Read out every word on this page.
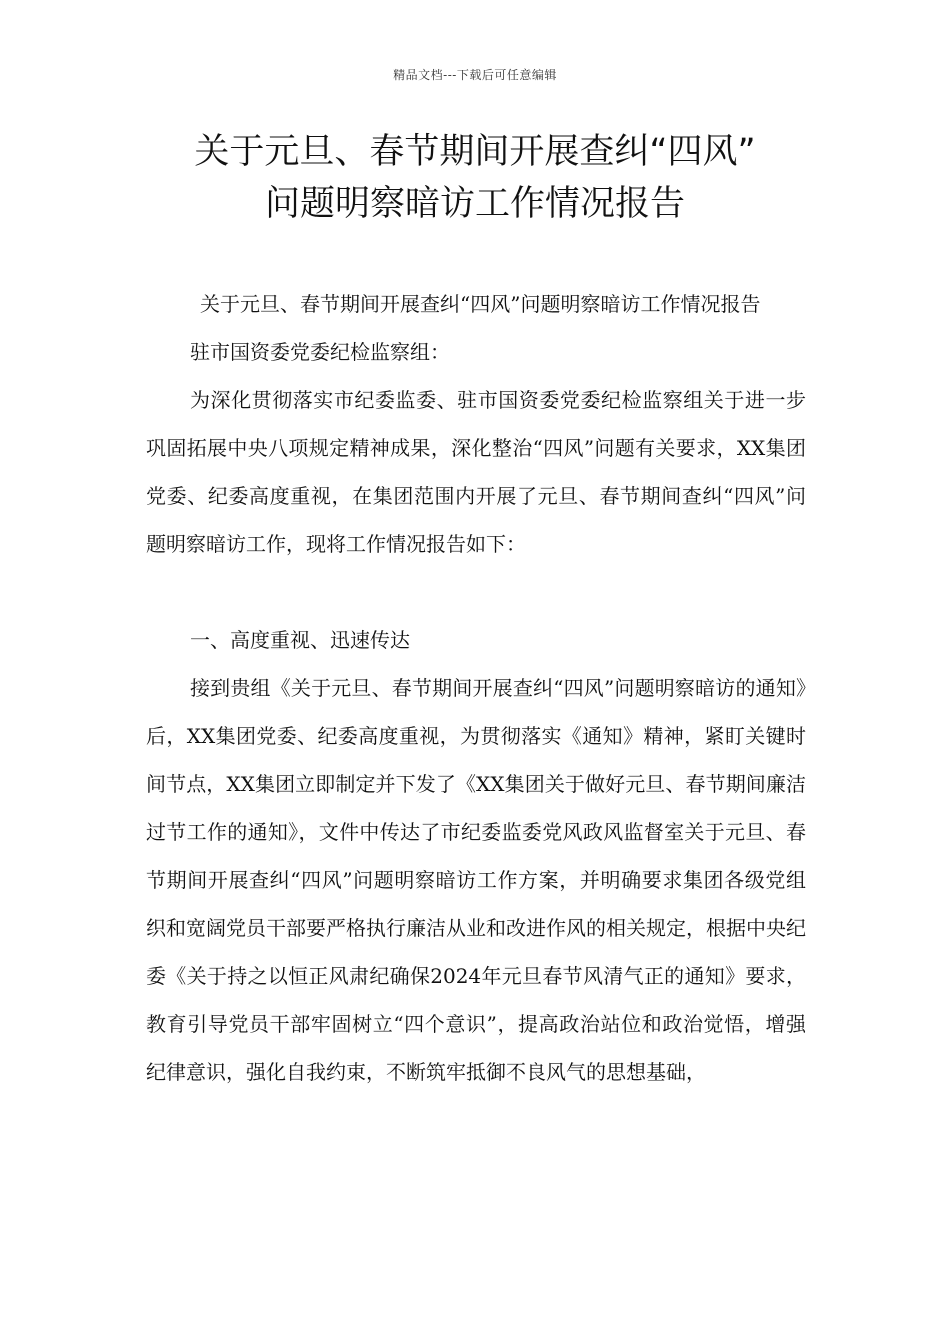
精品文档---下载后可任意编辑
关于元旦、春节期间开展查纠“四风”
问题明察暗访工作情况报告

关于元旦、春节期间开展查纠“四风”问题明察暗访工作情况报告

驻市国资委党委纪检监察组：

为深化贯彻落实市纪委监委、驻市国资委党委纪检监察组关于进一步巩固拓展中央八项规定精神成果，深化整治“四风”问题有关要求，XX集团党委、纪委高度重视，在集团范围内开展了元旦、春节期间查纠“四风”问题明察暗访工作，现将工作情况报告如下：

一、高度重视、迅速传达

接到贵组《关于元旦、春节期间开展查纠“四风”问题明察暗访的通知》后，XX集团党委、纪委高度重视，为贯彻落实《通知》精神，紧盯关键时间节点，XX集团立即制定并下发了《XX集团关于做好元旦、春节期间廉洁过节工作的通知》，文件中传达了市纪委监委党风政风监督室关于元旦、春节期间开展查纠“四风”问题明察暗访工作方案，并明确要求集团各级党组织和宽阔党员干部要严格执行廉洁从业和改进作风的相关规定，根据中央纪委《关于持之以恒正风肃纪确保2024年元旦春节风清气正的通知》要求，教育引导党员干部牢固树立“四个意识”，提高政治站位和政治觉悟，增强纪律意识，强化自我约束，不断筑牢抵御不良风气的思想基础，
